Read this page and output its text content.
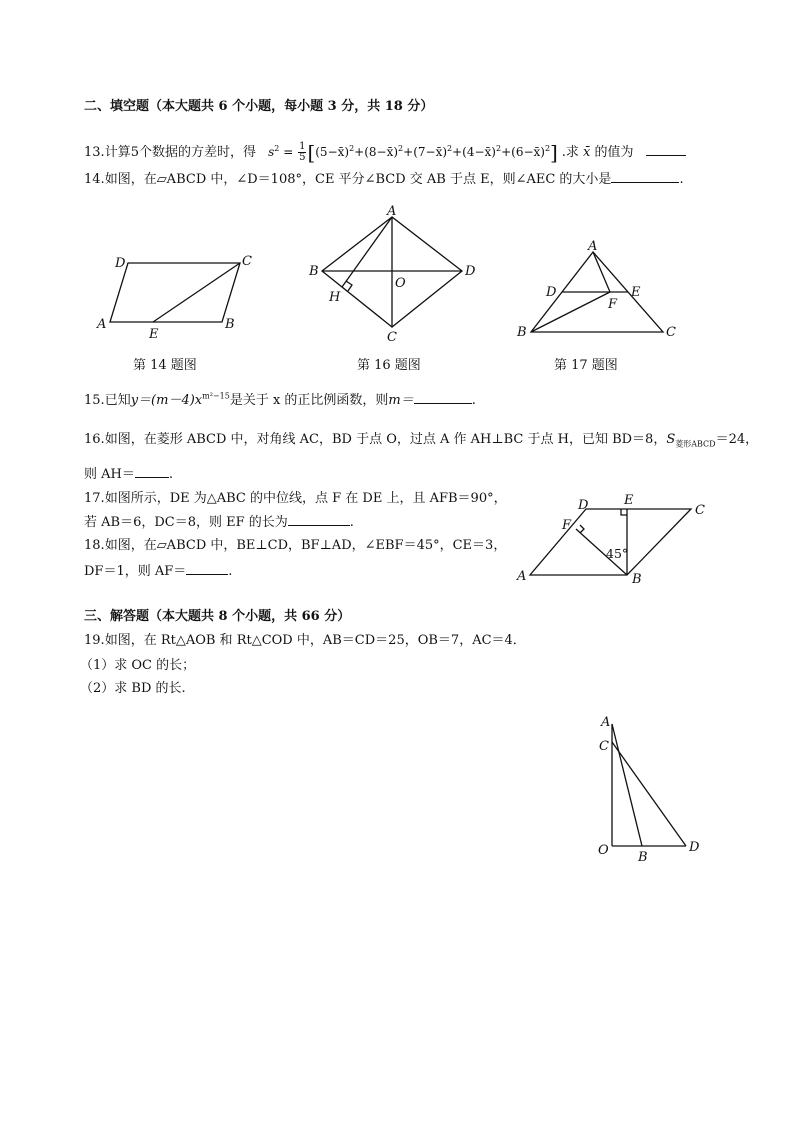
二、填空题（本大题共 6 个小题，每小题 3 分，共 18 分）
13.计算5个数据的方差时，得 $s^2 = \frac{1}{5}$ [(5−x̄)$^2$+(8−x̄)$^2$+(7−x̄)$^2$+(4−x̄)$^2$+(6−x̄)$^2$] .求 x̄ 的值为
14.如图，在▱ABCD 中，∠D＝108°，CE 平分∠BCD 交 AB 于点 E，则∠AEC 的大小是	.
D	C
A
E
B
第 14 题图
A
B	D
O
H
C
第 16 题图
A
D	E
F
B	C
第 17 题图
15.已知$y=(m-4)x^{m^2-15}$是关于 x 的正比例函数，则m＝	.
16.如图，在菱形 ABCD 中，对角线 AC，BD 于点 O，过点 A 作 AH⊥BC 于点 H，已知 BD＝8，$S_{菱形ABCD}=24$，
则 AH＝	.
17.如图所示，DE 为△ABC 的中位线，点 F 在 DE 上，且 AFB＝90°，
若 AB＝6，DC＝8，则 EF 的长为	.
18.如图，在▱ABCD 中，BE⊥CD，BF⊥AD，∠EBF＝45°，CE＝3，
DF＝1，则 AF＝	.
D	E
C
F
45°
A	B
三、解答题（本大题共 8 个小题，共 66 分）
19.如图，在 Rt△AOB 和 Rt△COD 中，AB＝CD＝25，OB＝7，AC＝4．
（1）求 OC 的长；
（2）求 BD 的长.
A
C
O B
D
